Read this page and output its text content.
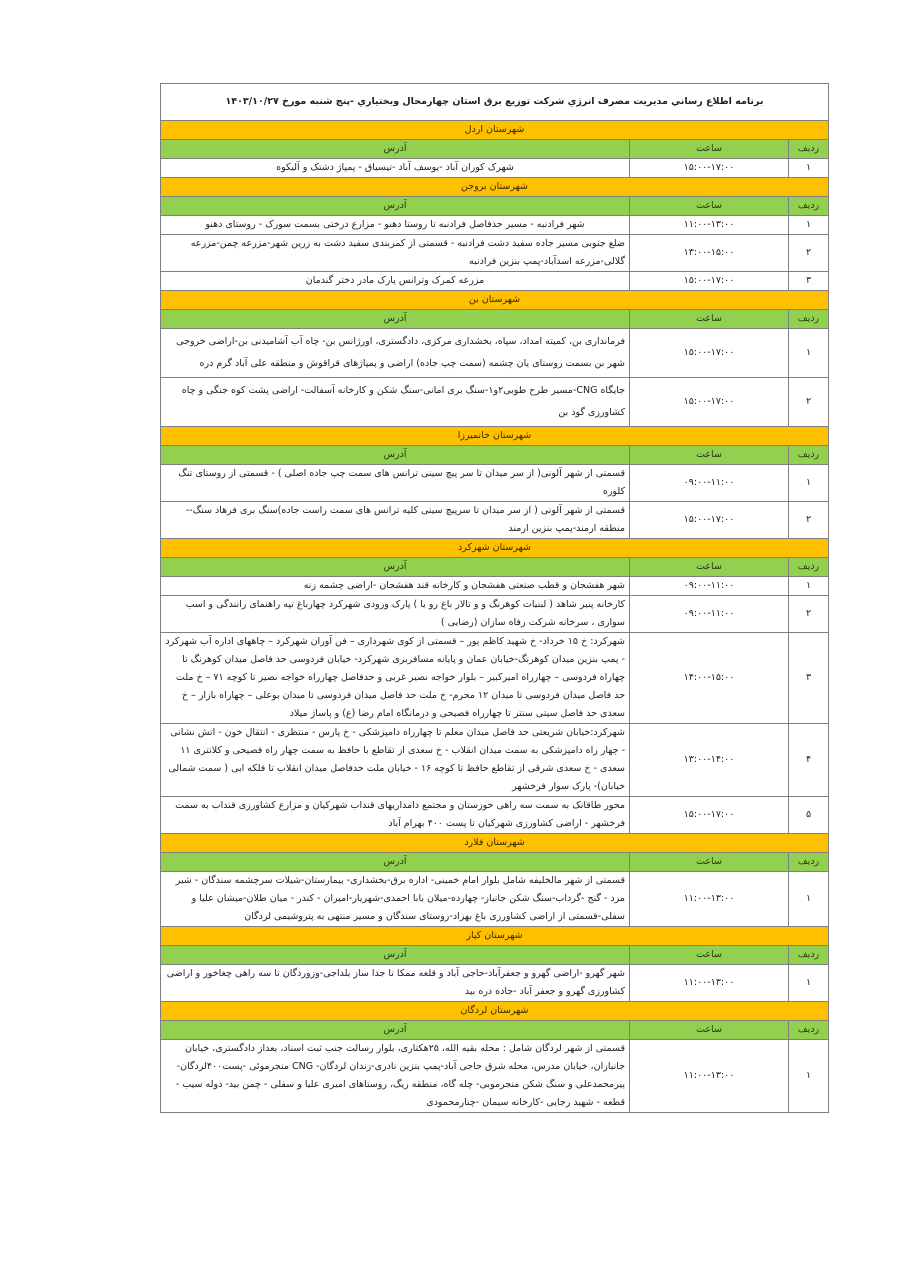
برنامه اطلاع رساني مديريت مصرف انرژي شركت توزيع برق استان چهارمحال وبختياري -پنج شنبه مورخ ۱۴۰۳/۱۰/۲۷		
شهرستان اردل		
ردیف	ساعت	آدرس
۱	۱۵:۰۰-۱۷:۰۰	شهرک کوران آباد -یوسف آباد -تیسیاق - پمپاژ دشتک و آلیکوه
شهرستان بروجن		
ردیف	ساعت	آدرس
۱	۱۱:۰۰-۱۳:۰۰	شهر فرادنبه - مسیر حدفاصل فرادنبه تا روستا دهنو - مزارع درختی بسمت سورک - روستای دهنو
۲	۱۳:۰۰-۱۵:۰۰	ضلع جنوبی مسیر جاده سفید دشت فرادنبه - قسمتی از کمربندی سفید دشت به زرین شهر-مزرعه چمن-مزرعه گلالی-مزرعه اسدآباد-پمپ بنزین فرادنبه
۳	۱۵:۰۰-۱۷:۰۰	مزرعه کمرک وترانس پارک مادر دختر گندمان
شهرستان بن		
ردیف	ساعت	آدرس
۱	۱۵:۰۰-۱۷:۰۰	فرمانداری بن، کمیته امداد، سپاه، بخشداری مرکزی، دادگستری، اورژانس بن- چاه آب آشامیدنی بن-اراضی خروجی شهر بن بسمت روستای یان چشمه (سمت چپ جاده) اراضی و پمپاژهای قراقوش و منطقه علی آباد گرم دره
۲	۱۵:۰۰-۱۷:۰۰	جایگاه CNG-مسیر طرح طوبی۲و۱-سنگ بری امانی-سنگ شکن و کارخانه آسفالت- اراضی پشت کوه جنگی و چاه کشاورزی گود بن
شهرستان خانمیرزا		
ردیف	ساعت	آدرس
۱	۰۹:۰۰-۱۱:۰۰	قسمتی از شهر آلونی( از سر میدان تا سر پیچ سینی ترانس های سمت چپ جاده اصلی ) - قسمتی از روستای تنگ کلوره
۲	۱۵:۰۰-۱۷:۰۰	قسمتی از شهر آلونی ( از سر میدان تا سرپیچ سینی کلیه ترانس های سمت راست جاده)سنگ بری فرهاد سنگ--منطقه ارمند-پمپ بنزین ارمند
شهرستان شهرکرد		
ردیف	ساعت	آدرس
۱	۰۹:۰۰-۱۱:۰۰	شهر هفشجان و قطب صنعتی هفشجان و کارخانه قند هفشجان -اراضی چشمه زنه
۲	۰۹:۰۰-۱۱:۰۰	کارخانه پنیر شاهد ( لبنیات کوهرنگ و و تالار باغ رو یا ) پارک ورودی شهرکرد چهارباغ تپه راهنمای رانندگی و اسب سواری ، سرخانه شرکت رفاه سازان (رضایی )
۳	۱۴:۰۰-۱۵:۰۰	شهرکرد: خ ۱۵ خرداد- خ شهید کاظم پور – قسمتی از کوی شهرداری – فن آوران شهرکرد – چاههای اداره آب شهرکرد - پمپ بنزین میدان کوهرنگ-خیابان عمان و پایانه مسافربری شهرکرد- خیابان فردوسی حد فاصل میدان کوهرنگ تا چهاراه فردوسی – چهارراه امیرکبیر – بلوار خواجه نصیر غربی و حدفاصل چهارراه خواجه نصیر تا کوچه ۷۱ – خ ملت حد فاصل میدان فردوسی تا میدان ۱۲ محرم- خ ملت حد فاصل میدان فردوسی تا میدان بوعلی – چهاراه بازار – خ سعدی حد فاصل سیتی سنتر تا چهارراه فصیحی و درمانگاه امام رضا (ع) و پاساژ میلاد
۴	۱۳:۰۰-۱۴:۰۰	شهرکرد:خیابان شریعتی حد فاصل میدان معلم تا چهارراه دامپزشکی - خ پارس - منتظری - انتقال خون - اتش نشانی - چهار راه دامپزشکی به سمت میدان انقلاب - خ سعدی از تقاطع با حافظ به سمت چهار راه فصیحی و کلانتری ۱۱ سعدی - خ سعدی شرقی از تقاطع حافظ تا کوچه ۱۶ - خیابان ملت حدفاصل میدان انقلاب تا فلکه ابی ( سمت شمالی خیابان)- پارک سوار فرخشهر
۵	۱۵:۰۰-۱۷:۰۰	محور طاقانک به سمت سه راهی خوزستان و مجتمع دامداریهای قنداب شهرکیان و مزارع کشاورزی قنداب به سمت فرخشهر - اراضی کشاورزی شهرکیان تا پست ۴۰۰ بهرام آباد
شهرستان فلارد		
ردیف	ساعت	آدرس
۱	۱۱:۰۰-۱۳:۰۰	قسمتی از شهر مالخلیفه شامل بلوار امام خمینی- اداره برق-بخشداری- بیمارستان-شیلات سرچشمه سندگان - شیر مرد - گنج -گرداب-سنگ شکن جانباز- چهارده-میلان بابا احمدی-شهریار-امیران - کندر - میان طلان-میشان علیا و سفلی-قسمتی از اراضی کشاورزی باغ بهزاد-روستای سندگان و مسیر منتهی به پتروشیمی لردگان
شهرستان کیار		
ردیف	ساعت	آدرس
۱	۱۱:۰۰-۱۳:۰۰	شهر گهرو -اراضی گهرو و جعفرآباد-حاجی آباد و قلعه ممکا تا جدا ساز بلداجی-وزوردگان تا سه راهی چغاخور و اراضی کشاورزی گهرو و جعفر آباد -جاده دره بید
شهرستان لردگان		
ردیف	ساعت	آدرس
۱	۱۱:۰۰-۱۳:۰۰	قسمتی از شهر لردگان شامل : محله بقیه الله، ۲۵هکتاری، بلوار رسالت جنب ثبت اسناد، بعداز دادگستری، خیابان جانبازان، خیابان مدرس، محله شرق حاجی آباد-پمپ بنزین نادری-زندان لردگان- CNG منجرموئی -پست۴۰۰لردگان-پیرمحمدعلی و سنگ شکن منجرموبی- چله گاه، منطقه ریگ، روستاهای امیری علیا و سفلی - چمن بید- دوله سیب - قطعه - شهید رجایی -کارخانه سیمان -چنارمحمودی
